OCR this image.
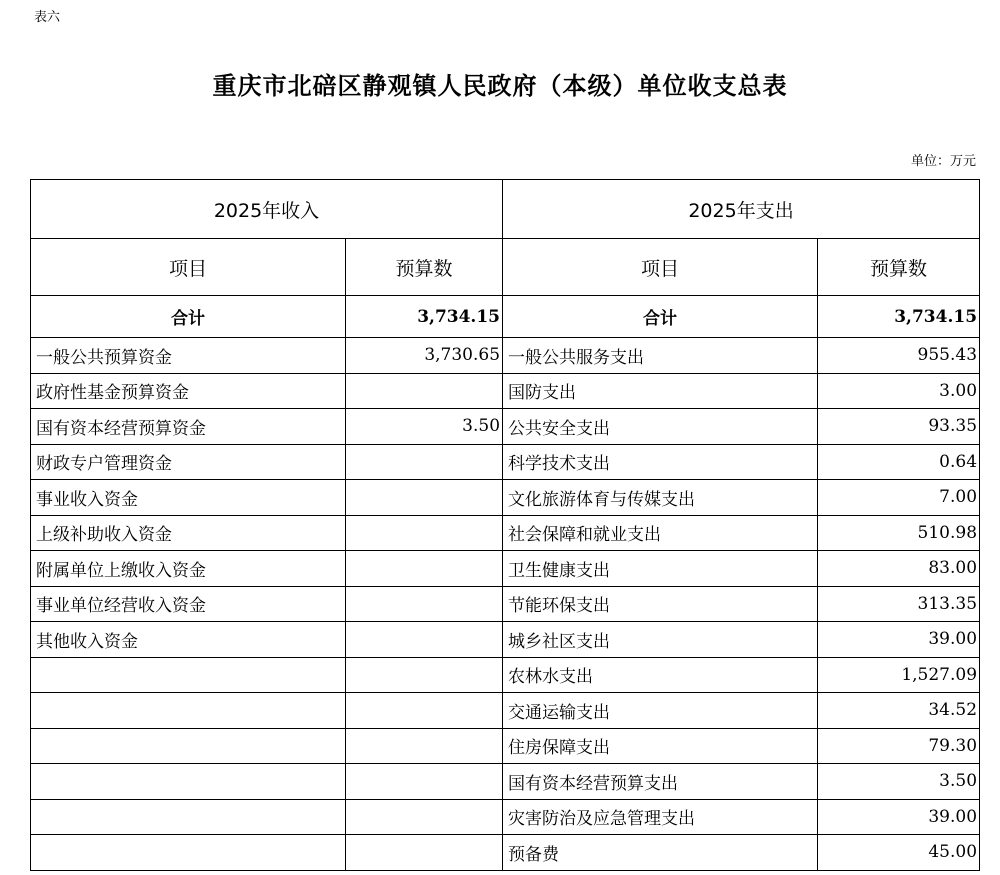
表六
重庆市北碚区静观镇人民政府（本级）单位收支总表
单位：万元
2025年收入		2025年支出	
项目	预算数	项目	预算数
合计	3,734.15	合计	3,734.15
一般公共预算资金	3,730.65	一般公共服务支出	955.43
政府性基金预算资金		国防支出	3.00
国有资本经营预算资金	3.50	公共安全支出	93.35
财政专户管理资金		科学技术支出	0.64
事业收入资金		文化旅游体育与传媒支出	7.00
上级补助收入资金		社会保障和就业支出	510.98
附属单位上缴收入资金		卫生健康支出	83.00
事业单位经营收入资金		节能环保支出	313.35
其他收入资金		城乡社区支出	39.00
		农林水支出	1,527.09
		交通运输支出	34.52
		住房保障支出	79.30
		国有资本经营预算支出	3.50
		灾害防治及应急管理支出	39.00
		预备费	45.00
